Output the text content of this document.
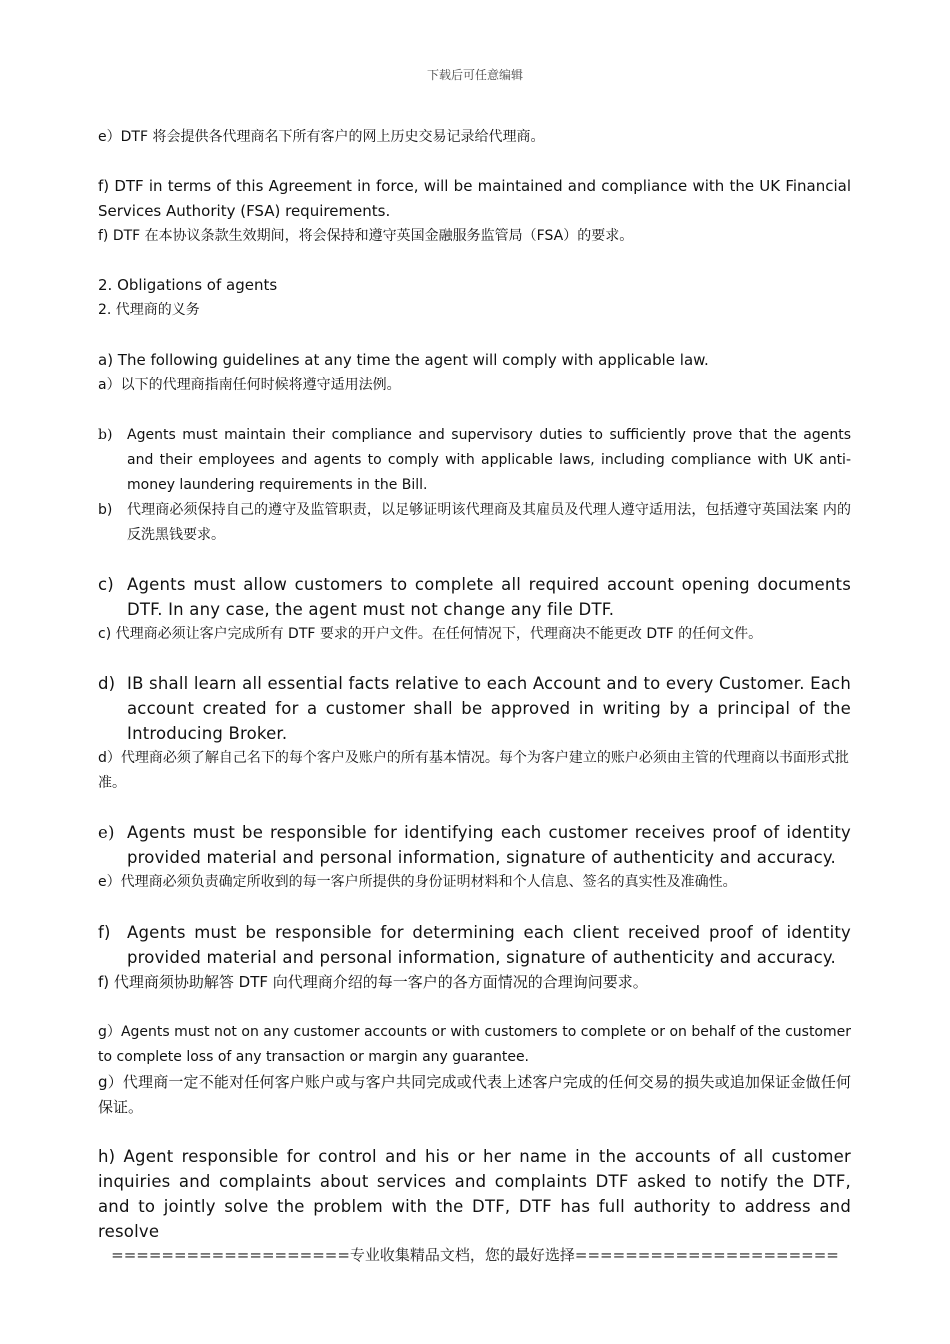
下载后可任意编辑

e）DTF 将会提供各代理商名下所有客户的网上历史交易记录给代理商。

f) DTF in terms of this Agreement in force, will be maintained and compliance with the UK Financial Services Authority (FSA) requirements.

f) DTF 在本协议条款生效期间，将会保持和遵守英国金融服务监管局（FSA）的要求。

2. Obligations of agents

2. 代理商的义务

a) The following guidelines at any time the agent will comply with applicable law.

a）以下的代理商指南任何时候将遵守适用法例。

b)	Agents must maintain their compliance and supervisory duties to sufficiently prove that the agents and their employees and agents to comply with applicable laws, including compliance with UK anti-money laundering requirements in the Bill.
b)	代理商必须保持自己的遵守及监管职责，以足够证明该代理商及其雇员及代理人遵守适用法，包括遵守英国法案 内的反洗黑钱要求。
c) Agents must allow customers to complete all required account opening documents DTF. In any case, the agent must not change any file DTF.

c) 代理商必须让客户完成所有 DTF 要求的开户文件。在任何情况下，代理商决不能更改 DTF 的任何文件。

d) IB shall learn all essential facts relative to each Account and to every Customer. Each account created for a customer shall be approved in writing by a principal of the Introducing Broker.

d）代理商必须了解自己名下的每个客户及账户的所有基本情况。每个为客户建立的账户必须由主管的代理商以书面形式批准。

e) Agents must be responsible for identifying each customer receives proof of identity provided material and personal information, signature of authenticity and accuracy.

e）代理商必须负责确定所收到的每一客户所提供的身份证明材料和个人信息、签名的真实性及准确性。

f) Agents must be responsible for determining each client received proof of identity provided material and personal information, signature of authenticity and accuracy.

f) 代理商须协助解答 DTF 向代理商介绍的每一客户的各方面情况的合理询问要求。

g）Agents must not on any customer accounts or with customers to complete or on behalf of the customer to complete loss of any transaction or margin any guarantee.

g）代理商一定不能对任何客户账户或与客户共同完成或代表上述客户完成的任何交易的损失或追加保证金做任何保证。

h) Agent responsible for control and his or her name in the accounts of all customer inquiries and complaints about services and complaints DTF asked to notify the DTF, and to jointly solve the problem with the DTF, DTF has full authority to address and resolve

===================专业收集精品文档，您的最好选择=====================
